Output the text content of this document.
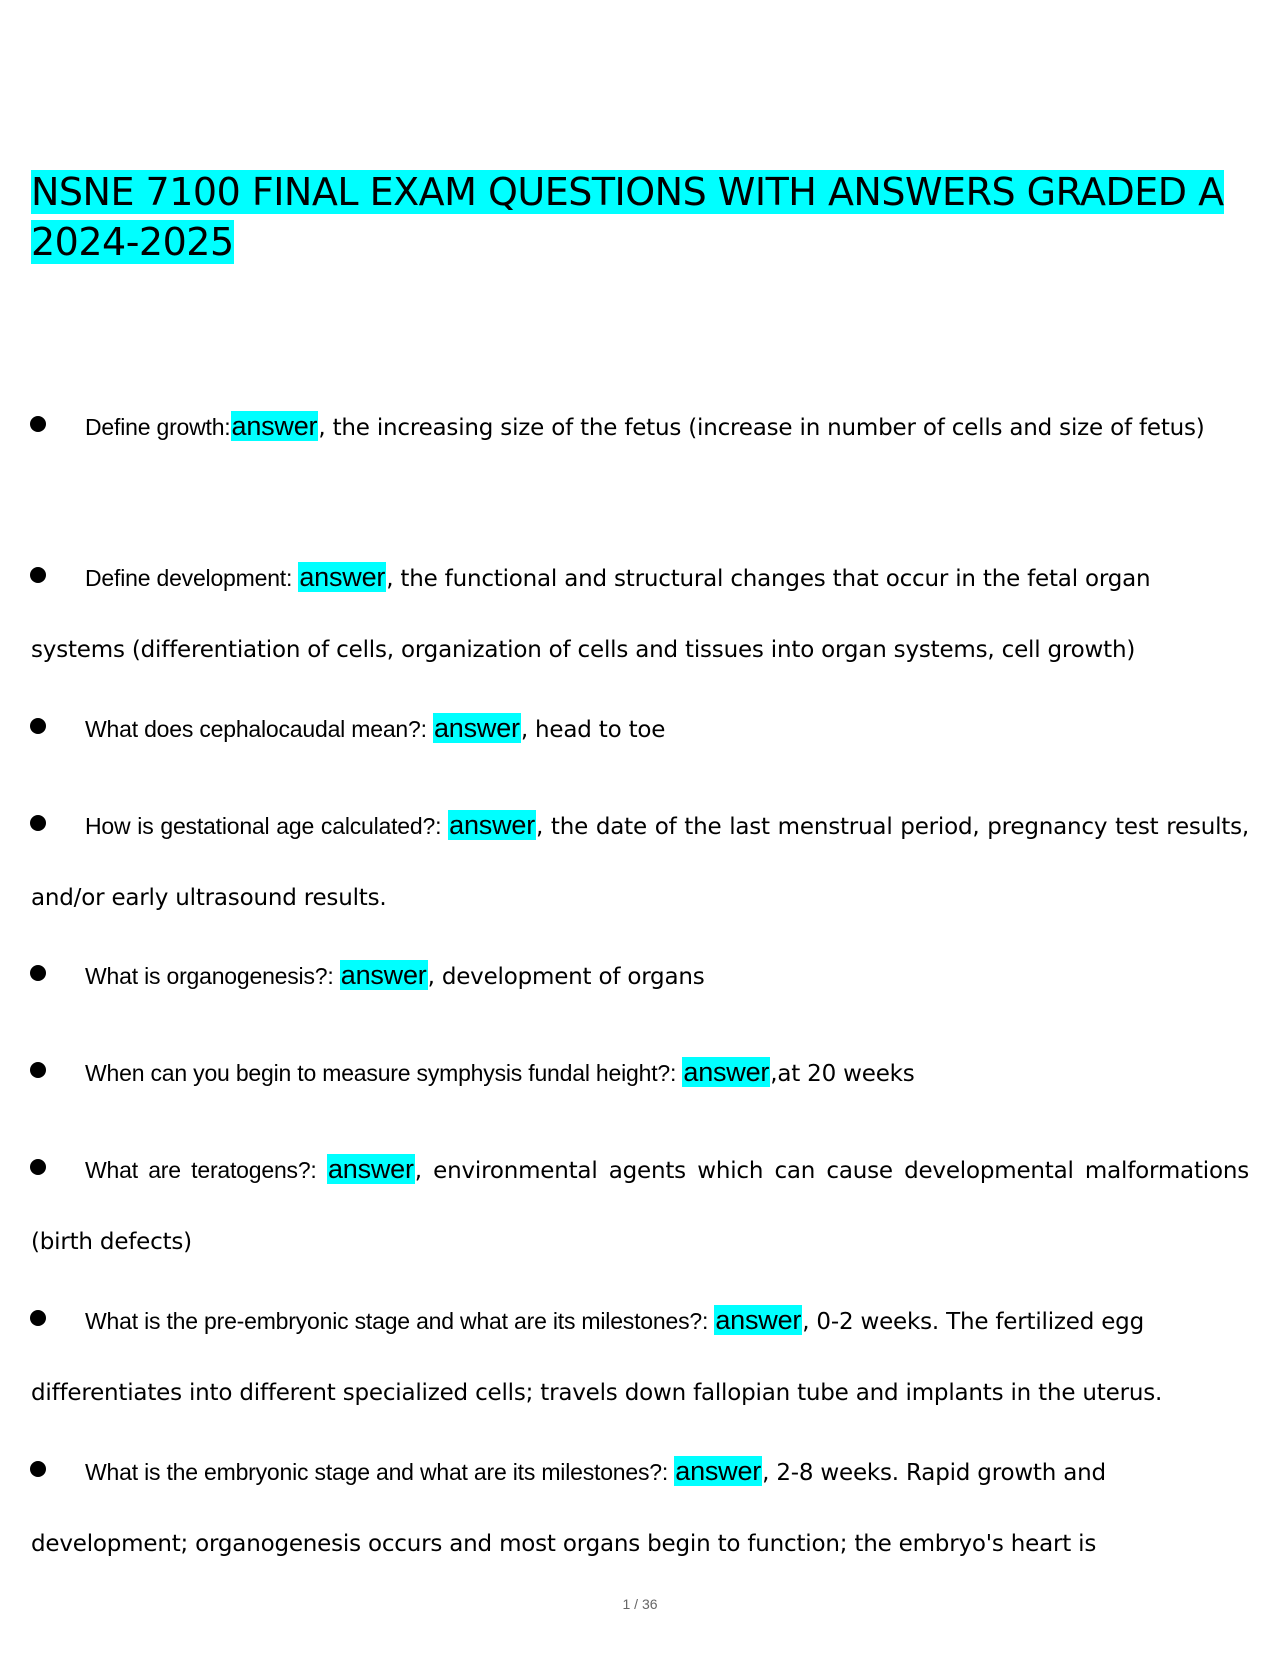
NSNE 7100 FINAL EXAM QUESTIONS WITH ANSWERS GRADED A 2024-2025

Define growth:answer, the increasing size of the fetus (increase in number of cells and size of fetus)

Define development: answer, the functional and structural changes that occur in the fetal organ systems (differentiation of cells, organization of cells and tissues into organ systems, cell growth)

What does cephalocaudal mean?: answer, head to toe

How is gestational age calculated?: answer, the date of the last menstrual period, pregnancy test results, and/or early ultrasound results.

What is organogenesis?: answer, development of organs

When can you begin to measure symphysis fundal height?: answer,at 20 weeks

What are teratogens?: answer, environmental agents which can cause developmental malformations (birth defects)

What is the pre-embryonic stage and what are its milestones?: answer, 0-2 weeks. The fertilized egg differentiates into different specialized cells; travels down fallopian tube and implants in the uterus.

What is the embryonic stage and what are its milestones?: answer, 2-8 weeks. Rapid growth and development; organogenesis occurs and most organs begin to function; the embryo's heart is

1 / 36
